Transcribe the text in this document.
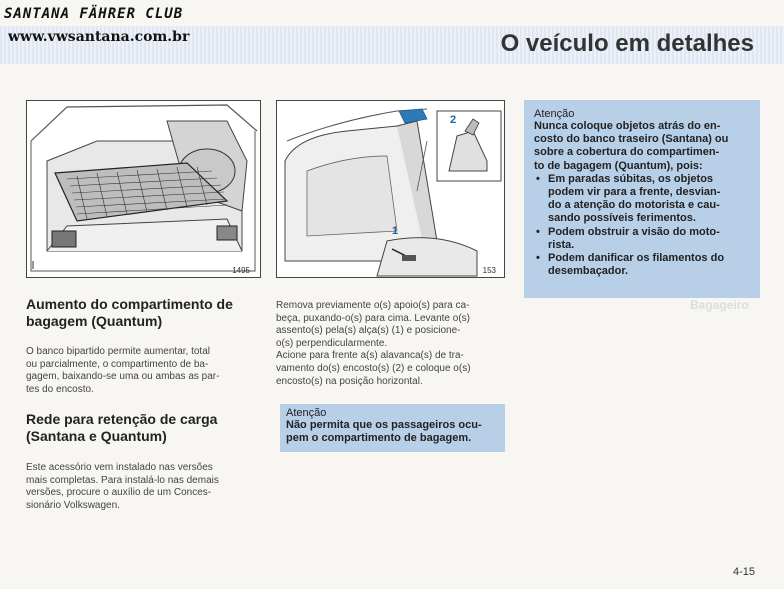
SANTANA FÄHRER CLUB
www.vwsantana.com.br	O veículo em detalhes
1495
1
2
153
Aumento do compartimento de bagagem (Quantum)
O banco bipartido permite aumentar, total
ou parcialmente, o compartimento de ba-
gagem, baixando-se uma ou ambas as par-
tes do encosto.
Rede para retenção de carga (Santana e Quantum)
Este acessório vem instalado nas versões
mais completas. Para instalá-lo nas demais
versões, procure o auxílio de um Conces-
sionário Volkswagen.
Remova previamente o(s) apoio(s) para ca-
beça, puxando-o(s) para cima. Levante o(s)
assento(s) pela(s) alça(s) (1) e posicione-
o(s) perpendicularmente.
Acione para frente a(s) alavanca(s) de tra-
vamento do(s) encosto(s) (2) e coloque o(s)
encosto(s) na posição horizontal.
Atenção
Não permita que os passageiros ocu-
pem o compartimento de bagagem.
Atenção
Nunca coloque objetos atrás do en-
costo do banco traseiro (Santana) ou
sobre a cobertura do compartimen-
to de bagagem (Quantum), pois:
• Em paradas súbitas, os objetos
podem vir para a frente, desvian-
do a atenção do motorista e cau-
sando possíveis ferimentos.
• Podem obstruir a visão do moto-
rista.
• Podem danificar os filamentos do
desembaçador.
Bagageiro
4-15
